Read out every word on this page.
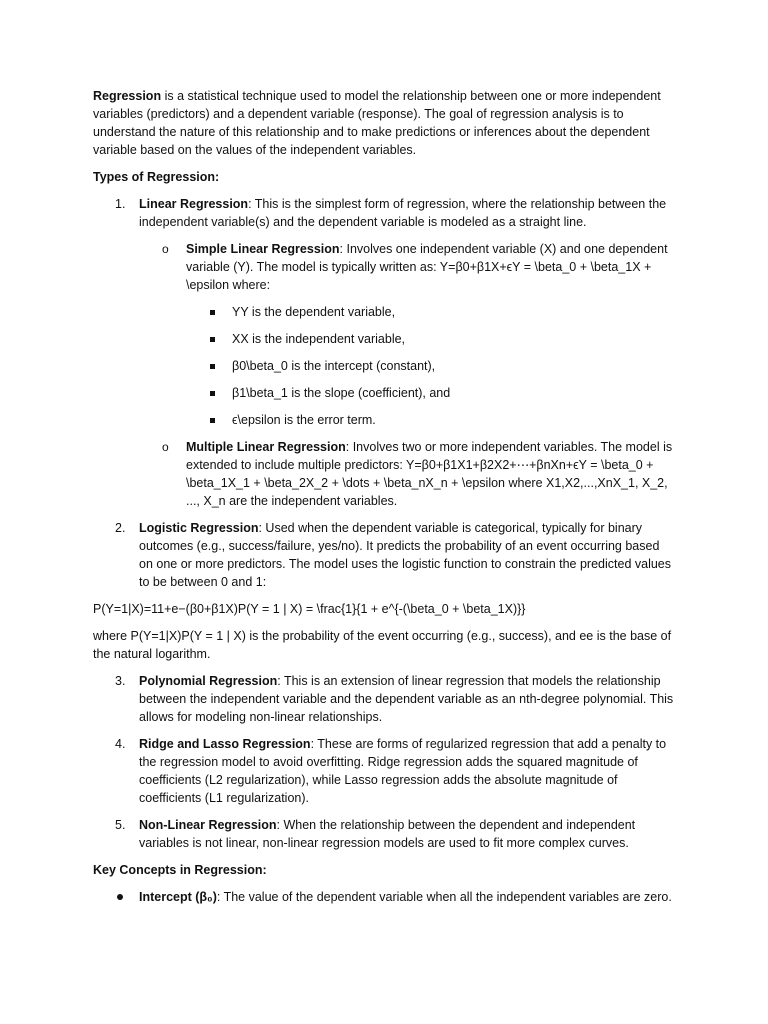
Regression is a statistical technique used to model the relationship between one or more independent variables (predictors) and a dependent variable (response). The goal of regression analysis is to understand the nature of this relationship and to make predictions or inferences about the dependent variable based on the values of the independent variables.

Types of Regression:

1. Linear Regression: This is the simplest form of regression, where the relationship between the independent variable(s) and the dependent variable is modeled as a straight line.
o Simple Linear Regression: Involves one independent variable (X) and one dependent variable (Y). The model is typically written as: Y=β0+β1X+ϵY = \beta_0 + \beta_1X + \epsilon where:
YY is the dependent variable,
XX is the independent variable,
β0\beta_0 is the intercept (constant),
β1\beta_1 is the slope (coefficient), and
ϵ\epsilon is the error term.
o Multiple Linear Regression: Involves two or more independent variables. The model is extended to include multiple predictors: Y=β0+β1X1+β2X2+⋯+βnXn+ϵY = \beta_0 + \beta_1X_1 + \beta_2X_2 + \dots + \beta_nX_n + \epsilon where X1,X2,...,XnX_1, X_2, ..., X_n are the independent variables.
2. Logistic Regression: Used when the dependent variable is categorical, typically for binary outcomes (e.g., success/failure, yes/no). It predicts the probability of an event occurring based on one or more predictors. The model uses the logistic function to constrain the predicted values to be between 0 and 1:

P(Y=1|X)=11+e−(β0+β1X)P(Y = 1 | X) = \frac{1}{1 + e^{-(\beta_0 + \beta_1X)}}

where P(Y=1|X)P(Y = 1 | X) is the probability of the event occurring (e.g., success), and ee is the base of the natural logarithm.

3. Polynomial Regression: This is an extension of linear regression that models the relationship between the independent variable and the dependent variable as an nth-degree polynomial. This allows for modeling non-linear relationships.
4. Ridge and Lasso Regression: These are forms of regularized regression that add a penalty to the regression model to avoid overfitting. Ridge regression adds the squared magnitude of coefficients (L2 regularization), while Lasso regression adds the absolute magnitude of coefficients (L1 regularization).
5. Non-Linear Regression: When the relationship between the dependent and independent variables is not linear, non-linear regression models are used to fit more complex curves.

Key Concepts in Regression:

Intercept (β₀): The value of the dependent variable when all the independent variables are zero.
